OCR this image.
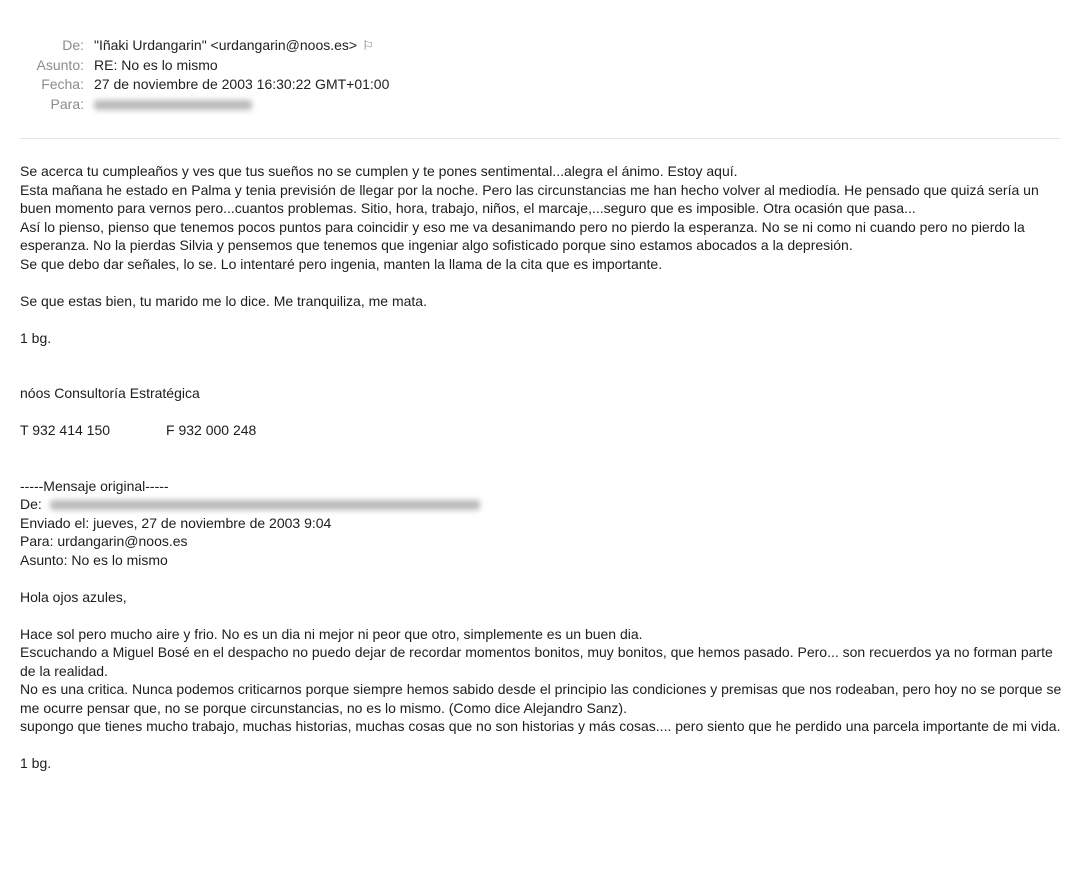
De: "Iñaki Urdangarin" <urdangarin@noos.es> ⚐
Asunto: RE: No es lo mismo
Fecha: 27 de noviembre de 2003 16:30:22 GMT+01:00
Para:

Se acerca tu cumpleaños y ves que tus sueños no se cumplen y te pones sentimental...alegra el ánimo. Estoy aquí.

Esta mañana he estado en Palma y tenia previsión de llegar por la noche. Pero las circunstancias me han hecho volver al mediodía. He pensado que quizá sería un buen momento para vernos pero...cuantos problemas. Sitio, hora, trabajo, niños, el marcaje,...seguro que es imposible. Otra ocasión que pasa...

Así lo pienso, pienso que tenemos pocos puntos para coincidir y eso me va desanimando pero no pierdo la esperanza. No se ni como ni cuando pero no pierdo la esperanza. No la pierdas Silvia y pensemos que tenemos que ingeniar algo sofisticado porque sino estamos abocados a la depresión.

Se que debo dar señales, lo se. Lo intentaré pero ingenia, manten la llama de la cita que es importante.

Se que estas bien, tu marido me lo dice. Me tranquiliza, me mata.

1 bg.

nóos Consultoría Estratégica

T 932 414 150	F 932 000 248

-----Mensaje original-----

De:

Enviado el: jueves, 27 de noviembre de 2003 9:04

Para: urdangarin@noos.es

Asunto: No es lo mismo

Hola ojos azules,

Hace sol pero mucho aire y frio. No es un dia ni mejor ni peor que otro, simplemente es un buen dia.

Escuchando a Miguel Bosé en el despacho no puedo dejar de recordar momentos bonitos, muy bonitos, que hemos pasado. Pero... son recuerdos ya no forman parte de la realidad.

No es una critica. Nunca podemos criticarnos porque siempre hemos sabido desde el principio las condiciones y premisas que nos rodeaban, pero hoy no se porque se me ocurre pensar que, no se porque circunstancias, no es lo mismo. (Como dice Alejandro Sanz).

supongo que tienes mucho trabajo, muchas historias, muchas cosas que no son historias y más cosas.... pero siento que he perdido una parcela importante de mi vida.

1 bg.
